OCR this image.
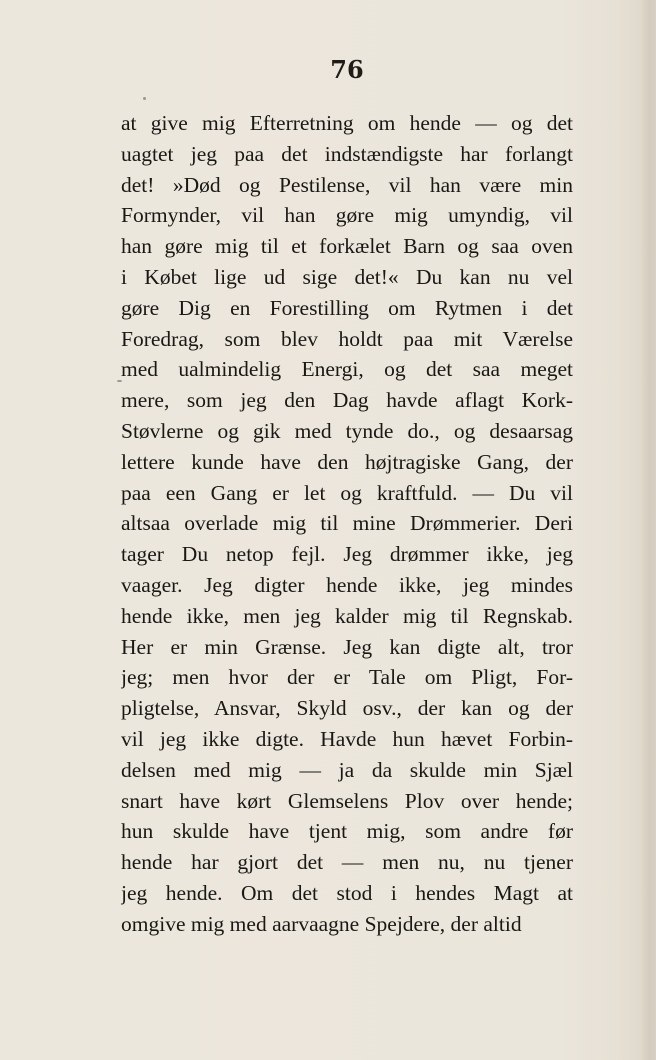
76
at give mig Efterretning om hende — og det
uagtet jeg paa det indstændigste har forlangt
det! »Død og Pestilense, vil han være min
Formynder, vil han gøre mig umyndig, vil
han gøre mig til et forkælet Barn og saa oven
i Købet lige ud sige det!« Du kan nu vel
gøre Dig en Forestilling om Rytmen i det
Foredrag, som blev holdt paa mit Værelse
med ualmindelig Energi, og det saa meget
mere, som jeg den Dag havde aflagt Kork-
Støvlerne og gik med tynde do., og desaarsag
lettere kunde have den højtragiske Gang, der
paa een Gang er let og kraftfuld. — Du vil
altsaa overlade mig til mine Drømmerier. Deri
tager Du netop fejl. Jeg drømmer ikke, jeg
vaager. Jeg digter hende ikke, jeg mindes
hende ikke, men jeg kalder mig til Regnskab.
Her er min Grænse. Jeg kan digte alt, tror
jeg; men hvor der er Tale om Pligt, For-
pligtelse, Ansvar, Skyld osv., der kan og der
vil jeg ikke digte. Havde hun hævet Forbin-
delsen med mig — ja da skulde min Sjæl
snart have kørt Glemselens Plov over hende;
hun skulde have tjent mig, som andre før
hende har gjort det — men nu, nu tjener
jeg hende. Om det stod i hendes Magt at
omgive mig med aarvaagne Spejdere, der altid
